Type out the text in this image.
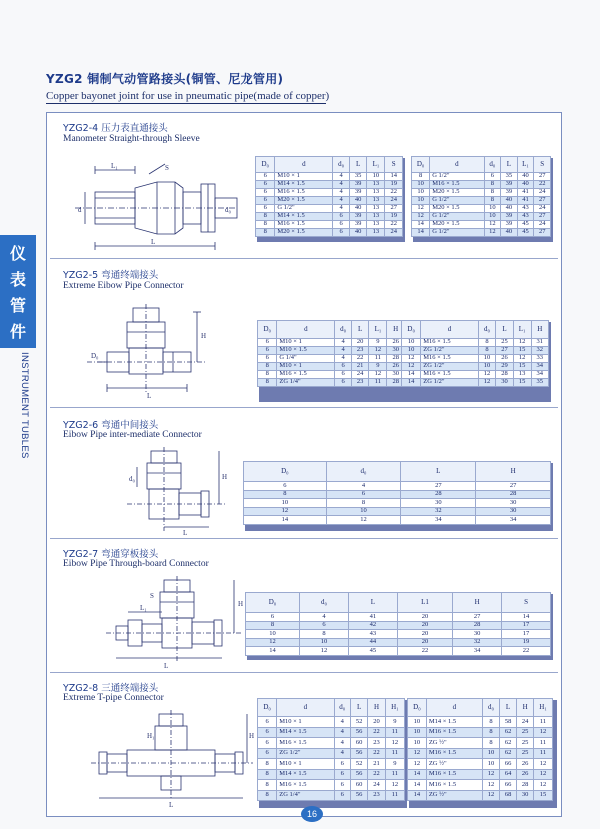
YZG2 铜制气动管路接头(铜管、尼龙管用)
Copper bayonet joint for use in pneumatic pipe(made of copper)
仪
表
管
件
INSTRUMENT TUBLES
YZG2-4 压力表直通接头
Manometer Straight-through Sleeve
S
L₁
L
d	d₀
D₀	d	d₀	L	L₁	S
6	M10 × 1	4	35	10	14
6	M14 × 1.5	4	39	13	19
6	M16 × 1.5	4	39	13	22
6	M20 × 1.5	4	40	13	24
6	G 1/2"	4	40	13	27
8	M14 × 1.5	6	39	13	19
8	M16 × 1.5	6	39	13	22
8	M20 × 1.5	6	40	13	24
D₀	d	d₀	L	L₁	S
8	G 1/2"	6	35	40	27
10	M16 × 1.5	8	39	40	22
10	M20 × 1.5	8	39	41	24
10	G 1/2"	8	40	41	27
12	M20 × 1.5	10	40	43	24
12	G 1/2"	10	39	43	27
14	M20 × 1.5	12	39	45	24
14	G 1/2"	12	40	45	27
YZG2-5 弯通终端接头
Extreme Eibow Pipe Connector
H
L
D₀
D₀	d	d₀	L	L₁	H
6	M10 × 1	4	20	9	26
6	M10 × 1.5	4	23	12	30
6	G 1/4"	4	22	11	28
8	M10 × 1	6	21	9	26
8	M16 × 1.5	6	24	12	30
8	ZG 1/4"	6	23	11	28
D₀	d	d₀	L	L₁	H
10	M16 × 1.5	8	25	12	31
10	ZG 1/2"	8	27	15	32
12	M16 × 1.5	10	26	12	33
12	ZG 1/2"	10	29	15	34
14	M16 × 1.5	12	28	13	34
14	ZG 1/2"	12	30	15	35
YZG2-6 弯通中间接头
Eibow Pipe inter-mediate Connector
H
L
d₀
D₀	d₀	L	H
6	4	27	27
8	6	28	28
10	8	30	30
12	10	32	30
14	12	34	34
YZG2-7 弯通穿板接头
Eibow Pipe Through-board Connector
H
L
L₁
S
D₀	d₀	L	L1	H	S
6	4	41	20	27	14
8	6	42	20	28	17
10	8	43	20	30	17
12	10	44	20	32	19
14	12	45	22	34	22
YZG2-8 三通终端接头
Extreme T-pipe Connector
L
H
H₁
D₀	d	d₀	L	H	H₁
6	M10 × 1	4	52	20	9
6	M14 × 1.5	4	56	22	11
6	M16 × 1.5	4	60	23	12
6	ZG 1/2"	4	56	22	11
8	M10 × 1	6	52	21	9
8	M14 × 1.5	6	56	22	11
8	M16 × 1.5	6	60	24	12
8	ZG 1/4"	6	56	23	11
D₀	d	d₀	L	H	H₁
10	M14 × 1.5	8	58	24	11
10	M16 × 1.5	8	62	25	12
10	ZG ½"	8	62	25	11
12	M16 × 1.5	10	62	25	11
12	ZG ½"	10	66	26	12
14	M16 × 1.5	12	64	26	12
14	M16 × 1.5	12	66	28	12
14	ZG ½"	12	68	30	15
16
